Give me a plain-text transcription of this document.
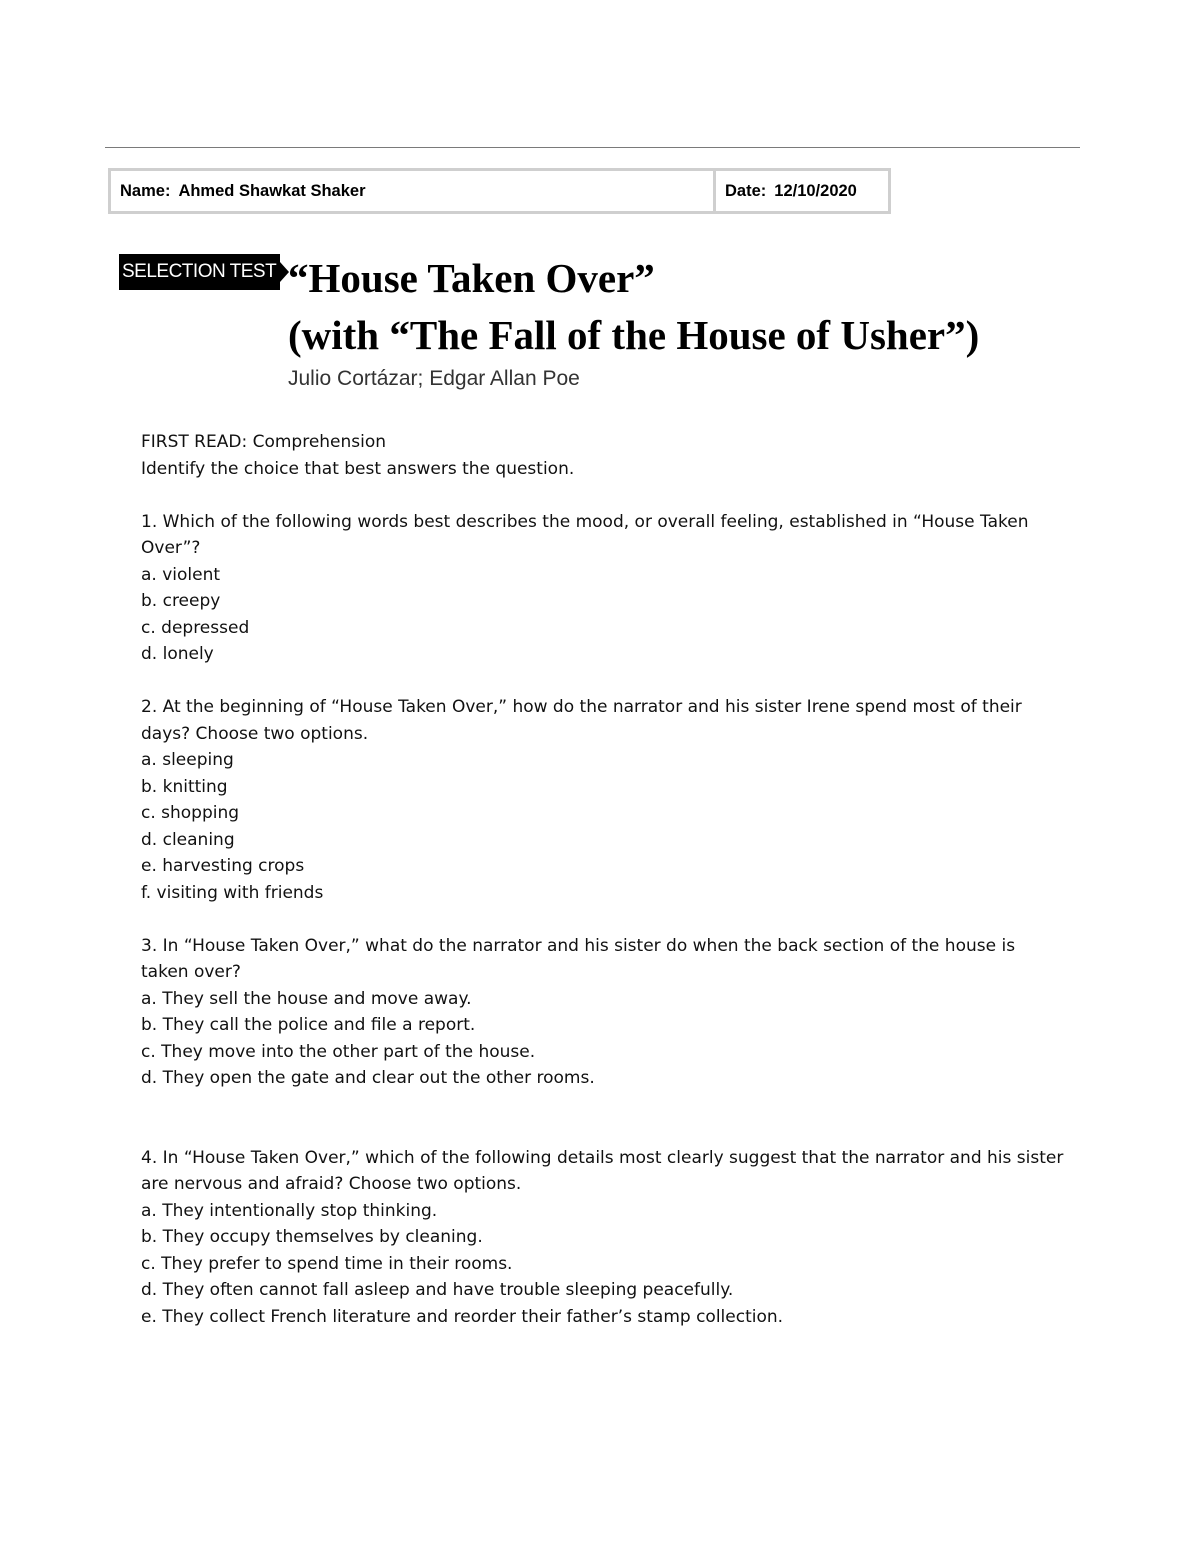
Name: Ahmed Shawkat Shaker	Date: 12/10/2020
SELECTION TEST “House Taken Over”
(with “The Fall of the House of Usher”)
Julio Cortázar; Edgar Allan Poe

FIRST READ: Comprehension

Identify the choice that best answers the question.

1. Which of the following words best describes the mood, or overall feeling, established in “House Taken Over”?

a. violent

b. creepy

c. depressed

d. lonely

2. At the beginning of “House Taken Over,” how do the narrator and his sister Irene spend most of their days? Choose two options.

a. sleeping

b. knitting

c. shopping

d. cleaning

e. harvesting crops

f. visiting with friends

3. In “House Taken Over,” what do the narrator and his sister do when the back section of the house is taken over?

a. They sell the house and move away.

b. They call the police and file a report.

c. They move into the other part of the house.

d. They open the gate and clear out the other rooms.

4. In “House Taken Over,” which of the following details most clearly suggest that the narrator and his sister are nervous and afraid? Choose two options.

a. They intentionally stop thinking.

b. They occupy themselves by cleaning.

c. They prefer to spend time in their rooms.

d. They often cannot fall asleep and have trouble sleeping peacefully.

e. They collect French literature and reorder their father’s stamp collection.
